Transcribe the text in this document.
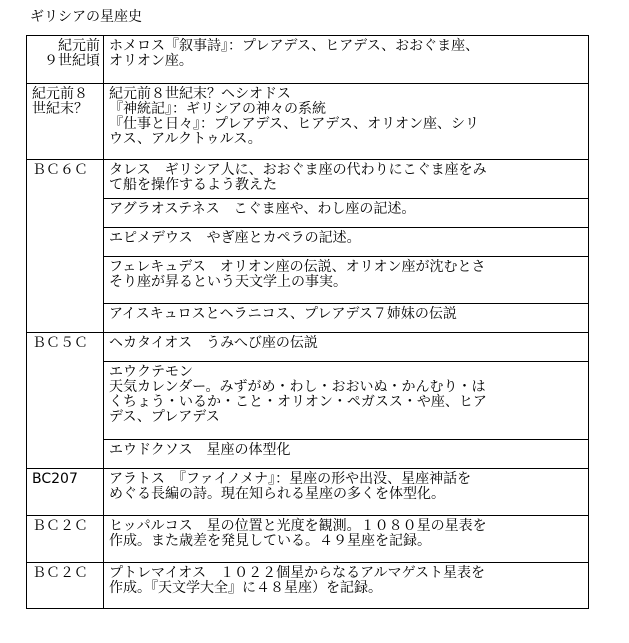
ギリシアの星座史
紀元前
９世紀頃	ホメロス『叙事詩』：プレアデス、ヒアデス、おおぐま座、
オリオン座。

紀元前８
世紀末？	紀元前８世紀末？ヘシオドス
『神統記』：ギリシアの神々の系統
『仕事と日々』：プレアデス、ヒアデス、オリオン座、シリ
ウス、アルクトゥルス。

ＢＣ６Ｃ	タレス　ギリシア人に、おおぐま座の代わりにこぐま座をみ
て船を操作するよう教えた

	アグラオステネス　こぐま座や、わし座の記述。

	エピメデウス　やぎ座とカペラの記述。

	フェレキュデス　オリオン座の伝説、オリオン座が沈むとさ
そり座が昇るという天文学上の事実。

	アイスキュロスとヘラニコス、プレアデス７姉妹の伝説

ＢＣ５Ｃ	ヘカタイオス　うみへび座の伝説

	エウクテモン
天気カレンダー。みずがめ・わし・おおいぬ・かんむり・は
くちょう・いるか・こと・オリオン・ペガスス・や座、ヒア
デス、プレアデス

	エウドクソス　星座の体型化

BC207	アラトス　『ファイノメナ』：星座の形や出没、星座神話を
めぐる長編の詩。現在知られる星座の多くを体型化。

ＢＣ２Ｃ	ヒッパルコス　星の位置と光度を観測。１０８０星の星表を
作成。また歳差を発見している。４９星座を記録。

ＢＣ２Ｃ	プトレマイオス　１０２２個星からなるアルマゲスト星表を
作成。『天文学大全』に４８星座）を記録。
